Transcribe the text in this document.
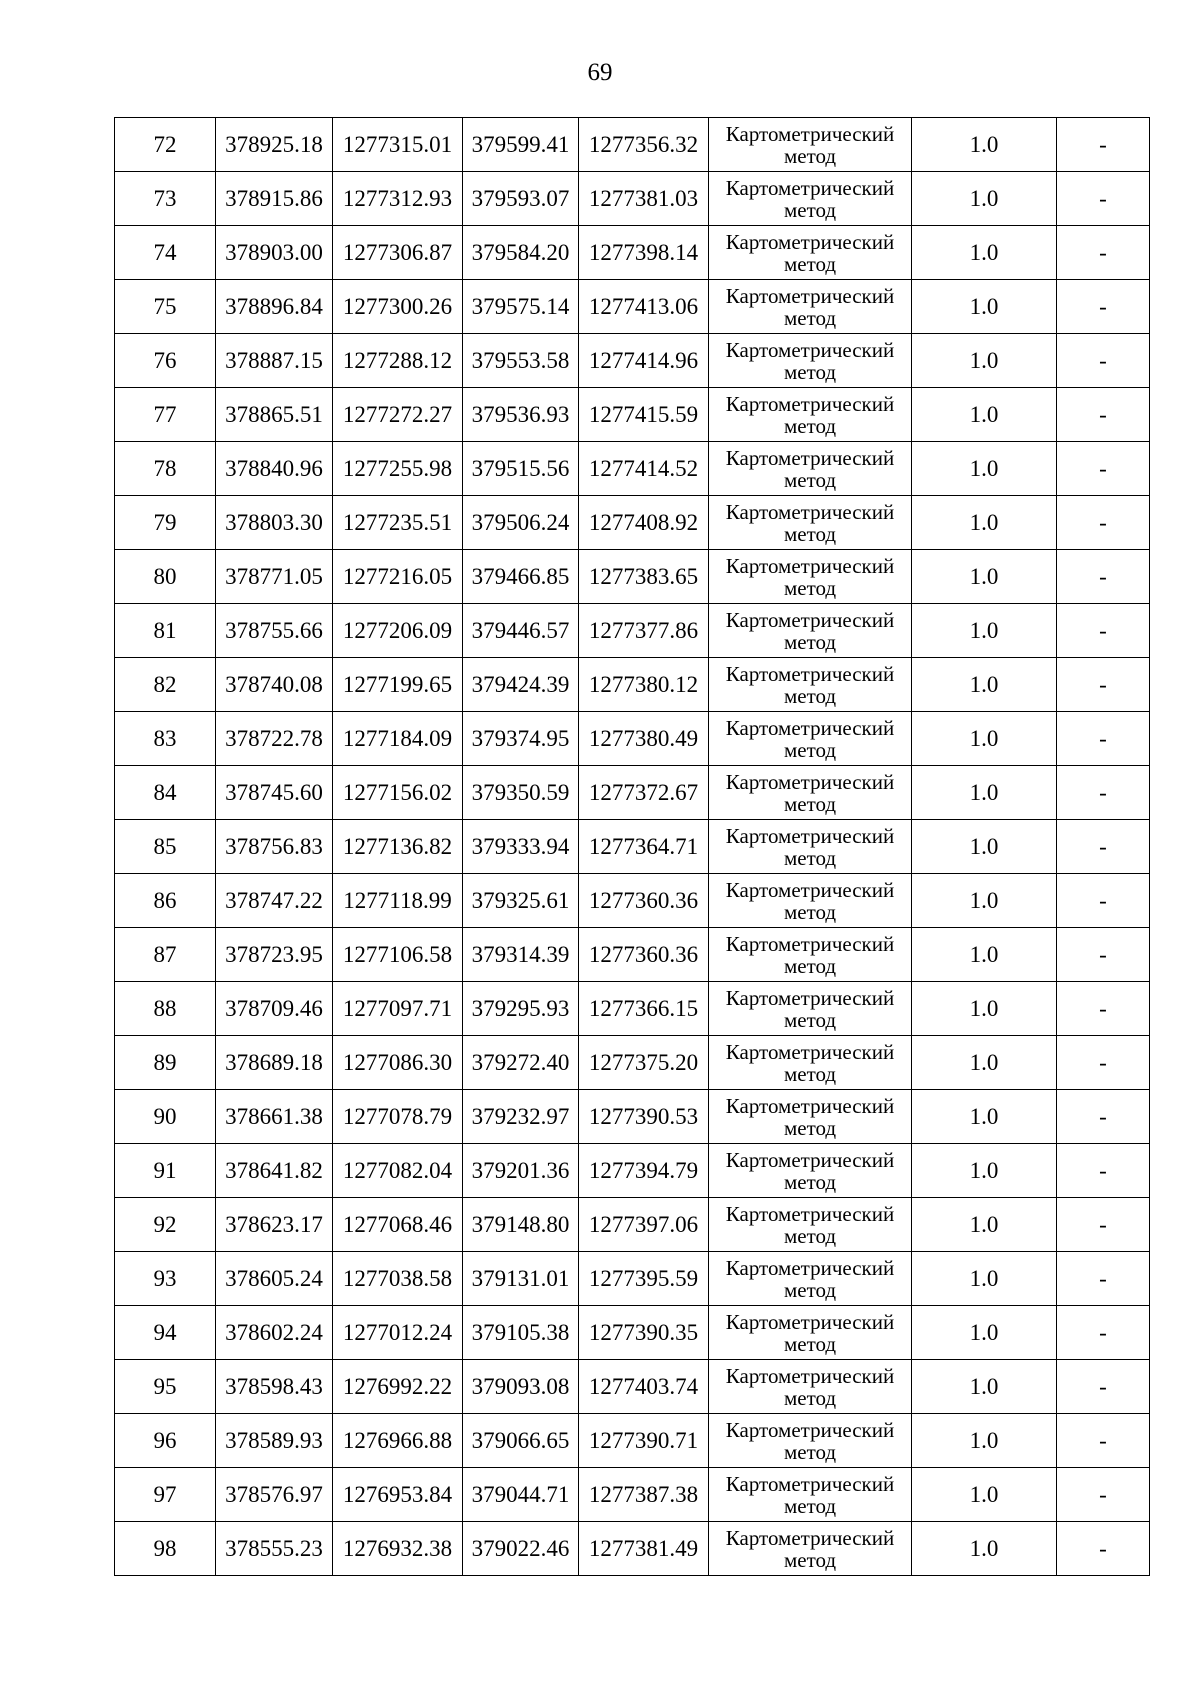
69
72	378925.18	1277315.01	379599.41	1277356.32	Картометрический
метод	1.0	-
73	378915.86	1277312.93	379593.07	1277381.03	Картометрический
метод	1.0	-
74	378903.00	1277306.87	379584.20	1277398.14	Картометрический
метод	1.0	-
75	378896.84	1277300.26	379575.14	1277413.06	Картометрический
метод	1.0	-
76	378887.15	1277288.12	379553.58	1277414.96	Картометрический
метод	1.0	-
77	378865.51	1277272.27	379536.93	1277415.59	Картометрический
метод	1.0	-
78	378840.96	1277255.98	379515.56	1277414.52	Картометрический
метод	1.0	-
79	378803.30	1277235.51	379506.24	1277408.92	Картометрический
метод	1.0	-
80	378771.05	1277216.05	379466.85	1277383.65	Картометрический
метод	1.0	-
81	378755.66	1277206.09	379446.57	1277377.86	Картометрический
метод	1.0	-
82	378740.08	1277199.65	379424.39	1277380.12	Картометрический
метод	1.0	-
83	378722.78	1277184.09	379374.95	1277380.49	Картометрический
метод	1.0	-
84	378745.60	1277156.02	379350.59	1277372.67	Картометрический
метод	1.0	-
85	378756.83	1277136.82	379333.94	1277364.71	Картометрический
метод	1.0	-
86	378747.22	1277118.99	379325.61	1277360.36	Картометрический
метод	1.0	-
87	378723.95	1277106.58	379314.39	1277360.36	Картометрический
метод	1.0	-
88	378709.46	1277097.71	379295.93	1277366.15	Картометрический
метод	1.0	-
89	378689.18	1277086.30	379272.40	1277375.20	Картометрический
метод	1.0	-
90	378661.38	1277078.79	379232.97	1277390.53	Картометрический
метод	1.0	-
91	378641.82	1277082.04	379201.36	1277394.79	Картометрический
метод	1.0	-
92	378623.17	1277068.46	379148.80	1277397.06	Картометрический
метод	1.0	-
93	378605.24	1277038.58	379131.01	1277395.59	Картометрический
метод	1.0	-
94	378602.24	1277012.24	379105.38	1277390.35	Картометрический
метод	1.0	-
95	378598.43	1276992.22	379093.08	1277403.74	Картометрический
метод	1.0	-
96	378589.93	1276966.88	379066.65	1277390.71	Картометрический
метод	1.0	-
97	378576.97	1276953.84	379044.71	1277387.38	Картометрический
метод	1.0	-
98	378555.23	1276932.38	379022.46	1277381.49	Картометрический
метод	1.0	-
